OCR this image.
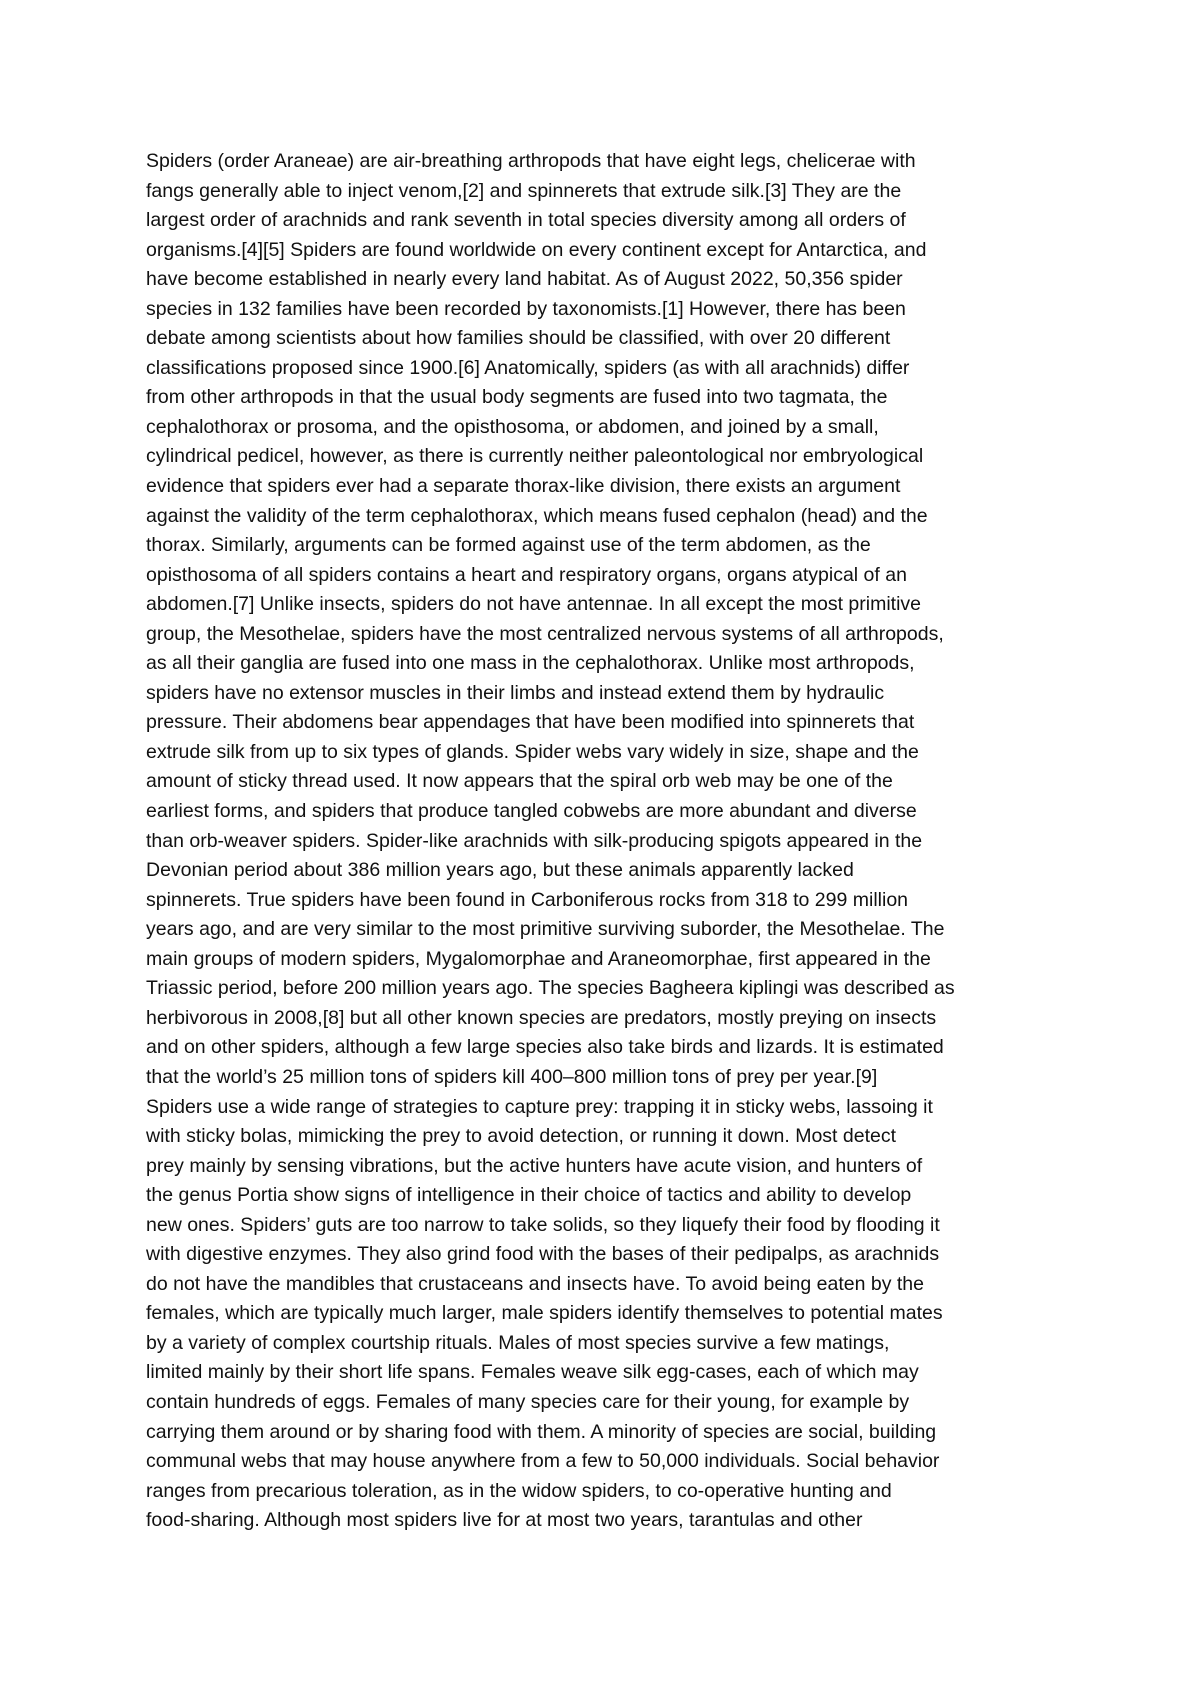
Spiders (order Araneae) are air-breathing arthropods that have eight legs, chelicerae with
fangs generally able to inject venom,[2] and spinnerets that extrude silk.[3] They are the
largest order of arachnids and rank seventh in total species diversity among all orders of
organisms.[4][5] Spiders are found worldwide on every continent except for Antarctica, and
have become established in nearly every land habitat. As of August 2022, 50,356 spider
species in 132 families have been recorded by taxonomists.[1] However, there has been
debate among scientists about how families should be classified, with over 20 different
classifications proposed since 1900.[6] Anatomically, spiders (as with all arachnids) differ
from other arthropods in that the usual body segments are fused into two tagmata, the
cephalothorax or prosoma, and the opisthosoma, or abdomen, and joined by a small,
cylindrical pedicel, however, as there is currently neither paleontological nor embryological
evidence that spiders ever had a separate thorax-like division, there exists an argument
against the validity of the term cephalothorax, which means fused cephalon (head) and the
thorax. Similarly, arguments can be formed against use of the term abdomen, as the
opisthosoma of all spiders contains a heart and respiratory organs, organs atypical of an
abdomen.[7] Unlike insects, spiders do not have antennae. In all except the most primitive
group, the Mesothelae, spiders have the most centralized nervous systems of all arthropods,
as all their ganglia are fused into one mass in the cephalothorax. Unlike most arthropods,
spiders have no extensor muscles in their limbs and instead extend them by hydraulic
pressure. Their abdomens bear appendages that have been modified into spinnerets that
extrude silk from up to six types of glands. Spider webs vary widely in size, shape and the
amount of sticky thread used. It now appears that the spiral orb web may be one of the
earliest forms, and spiders that produce tangled cobwebs are more abundant and diverse
than orb-weaver spiders. Spider-like arachnids with silk-producing spigots appeared in the
Devonian period about 386 million years ago, but these animals apparently lacked
spinnerets. True spiders have been found in Carboniferous rocks from 318 to 299 million
years ago, and are very similar to the most primitive surviving suborder, the Mesothelae. The
main groups of modern spiders, Mygalomorphae and Araneomorphae, first appeared in the
Triassic period, before 200 million years ago. The species Bagheera kiplingi was described as
herbivorous in 2008,[8] but all other known species are predators, mostly preying on insects
and on other spiders, although a few large species also take birds and lizards. It is estimated
that the world’s 25 million tons of spiders kill 400–800 million tons of prey per year.[9]
Spiders use a wide range of strategies to capture prey: trapping it in sticky webs, lassoing it
with sticky bolas, mimicking the prey to avoid detection, or running it down. Most detect
prey mainly by sensing vibrations, but the active hunters have acute vision, and hunters of
the genus Portia show signs of intelligence in their choice of tactics and ability to develop
new ones. Spiders’ guts are too narrow to take solids, so they liquefy their food by flooding it
with digestive enzymes. They also grind food with the bases of their pedipalps, as arachnids
do not have the mandibles that crustaceans and insects have. To avoid being eaten by the
females, which are typically much larger, male spiders identify themselves to potential mates
by a variety of complex courtship rituals. Males of most species survive a few matings,
limited mainly by their short life spans. Females weave silk egg-cases, each of which may
contain hundreds of eggs. Females of many species care for their young, for example by
carrying them around or by sharing food with them. A minority of species are social, building
communal webs that may house anywhere from a few to 50,000 individuals. Social behavior
ranges from precarious toleration, as in the widow spiders, to co-operative hunting and
food-sharing. Although most spiders live for at most two years, tarantulas and other
